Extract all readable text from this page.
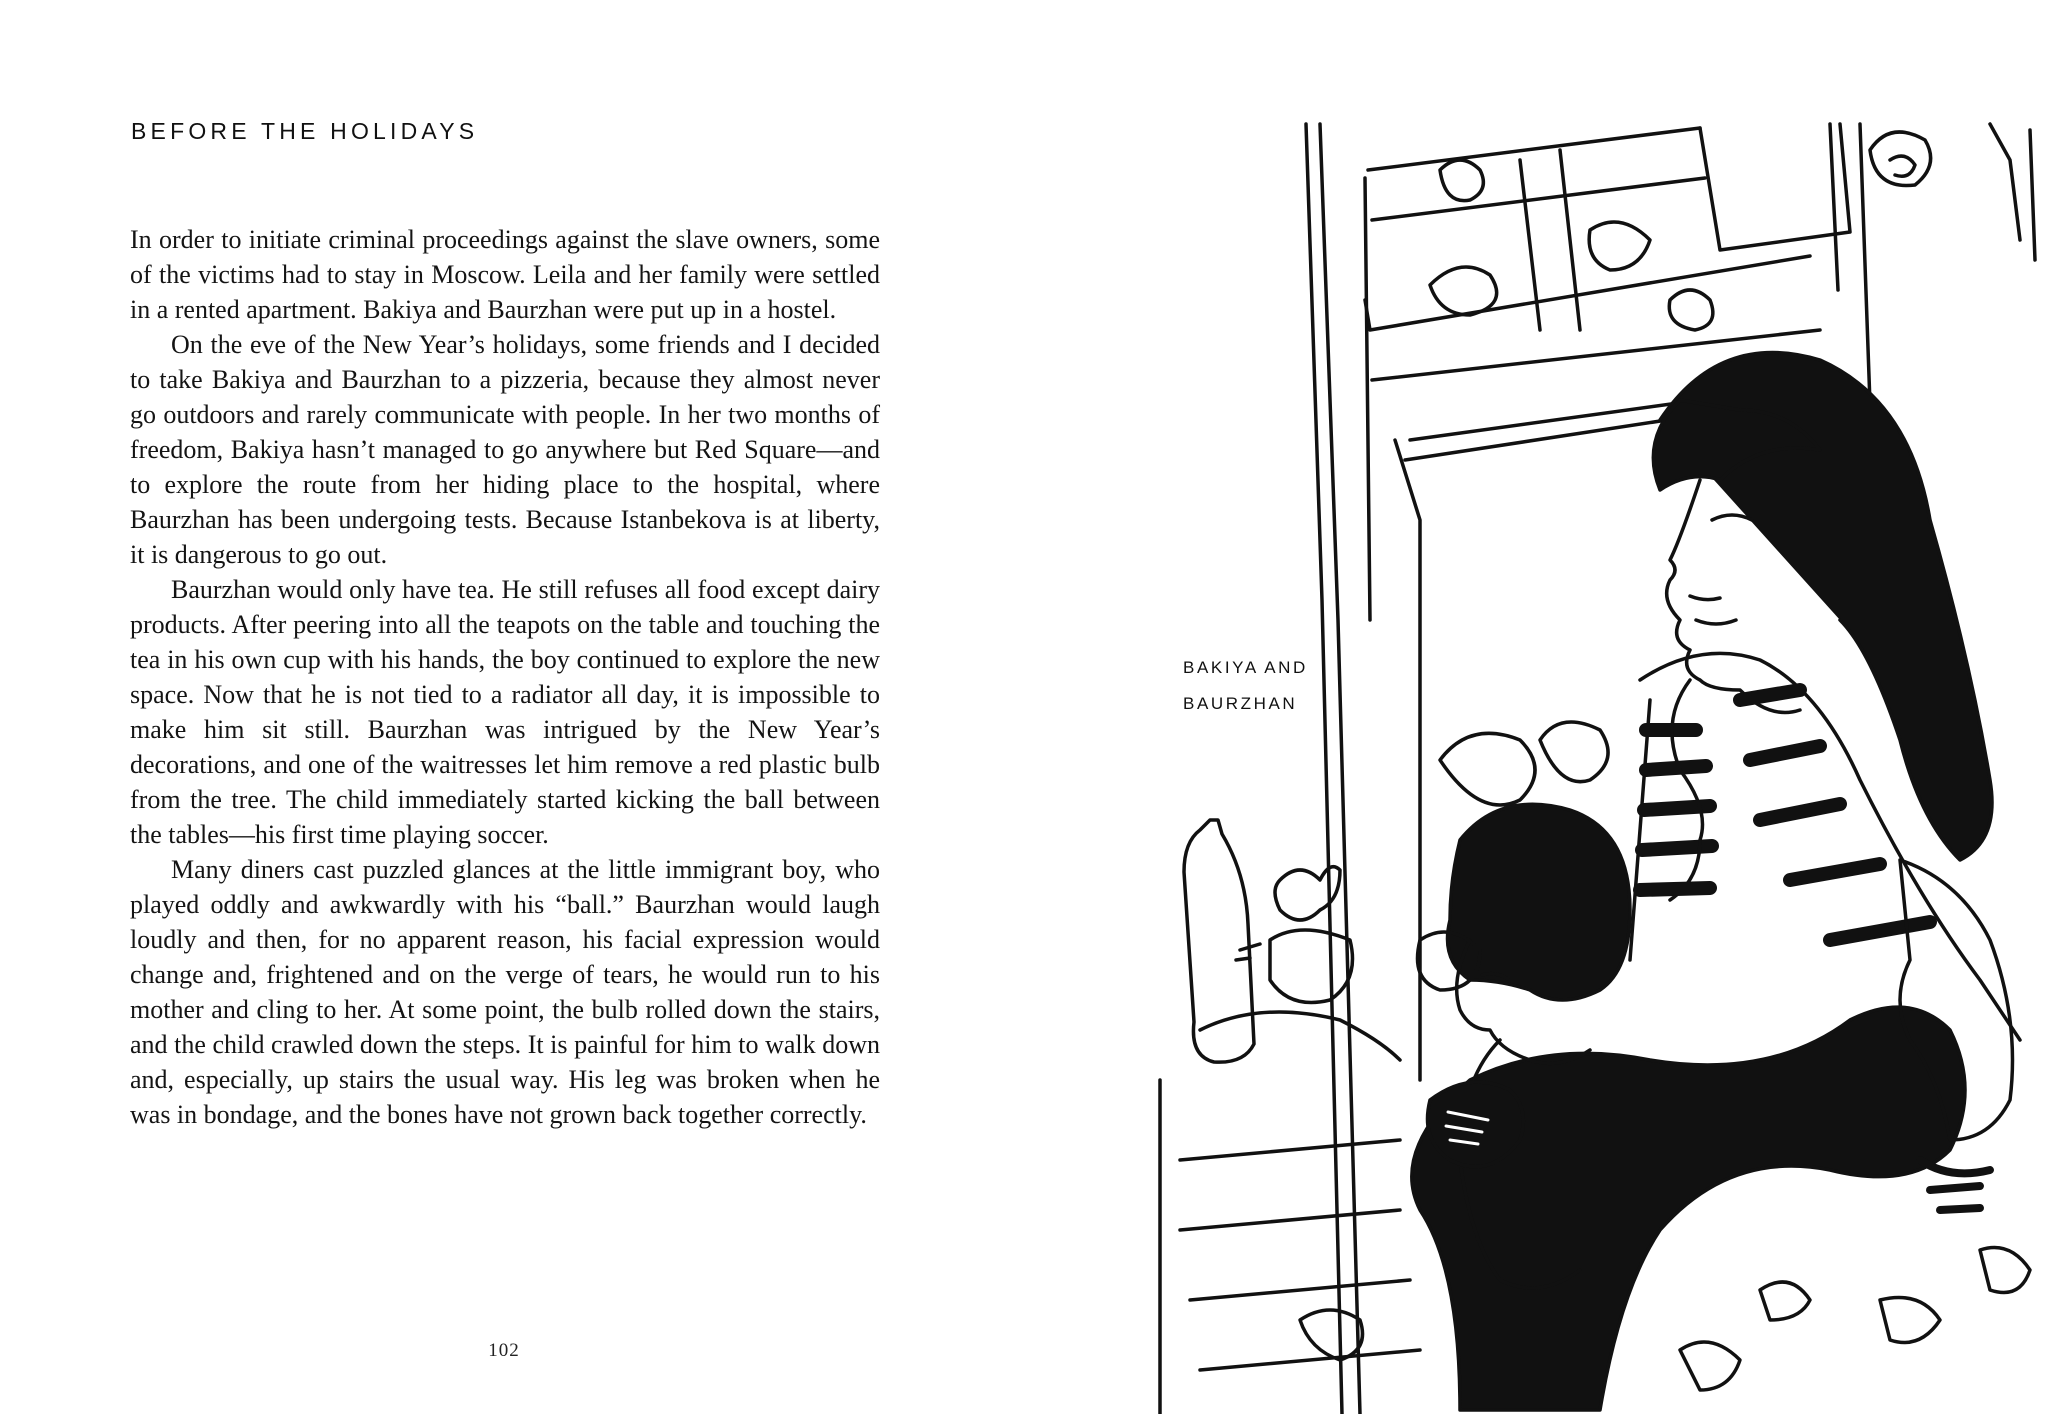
BEFORE THE HOLIDAYS

In order to initiate criminal proceedings against the slave owners, some of the victims had to stay in Moscow. Leila and her family were settled in a rented apartment. Bakiya and Baurzhan were put up in a hostel.

On the eve of the New Year’s holidays, some friends and I decided to take Bakiya and Baurzhan to a pizzeria, because they almost never go outdoors and rarely communicate with people. In her two months of freedom, Bakiya hasn’t managed to go anywhere but Red Square—and to explore the route from her hiding place to the hospital, where Baurzhan has been undergoing tests. Because Istanbekova is at liberty, it is dangerous to go out.

Baurzhan would only have tea. He still refuses all food except dairy products. After peering into all the teapots on the table and touching the tea in his own cup with his hands, the boy continued to explore the new space. Now that he is not tied to a radiator all day, it is impossible to make him sit still. Baurzhan was intrigued by the New Year’s decorations, and one of the waitresses let him remove a red plastic bulb from the tree. The child immediately started kicking the ball between the tables—his first time playing soccer.

Many diners cast puzzled glances at the little immigrant boy, who played oddly and awkwardly with his “ball.” Baurzhan would laugh loudly and then, for no apparent reason, his facial expression would change and, frightened and on the verge of tears, he would run to his mother and cling to her. At some point, the bulb rolled down the stairs, and the child crawled down the steps. It is painful for him to walk down and, especially, up stairs the usual way. His leg was broken when he was in bondage, and the bones have not grown back together correctly.

102
BAKIYA AND
BAURZHAN
